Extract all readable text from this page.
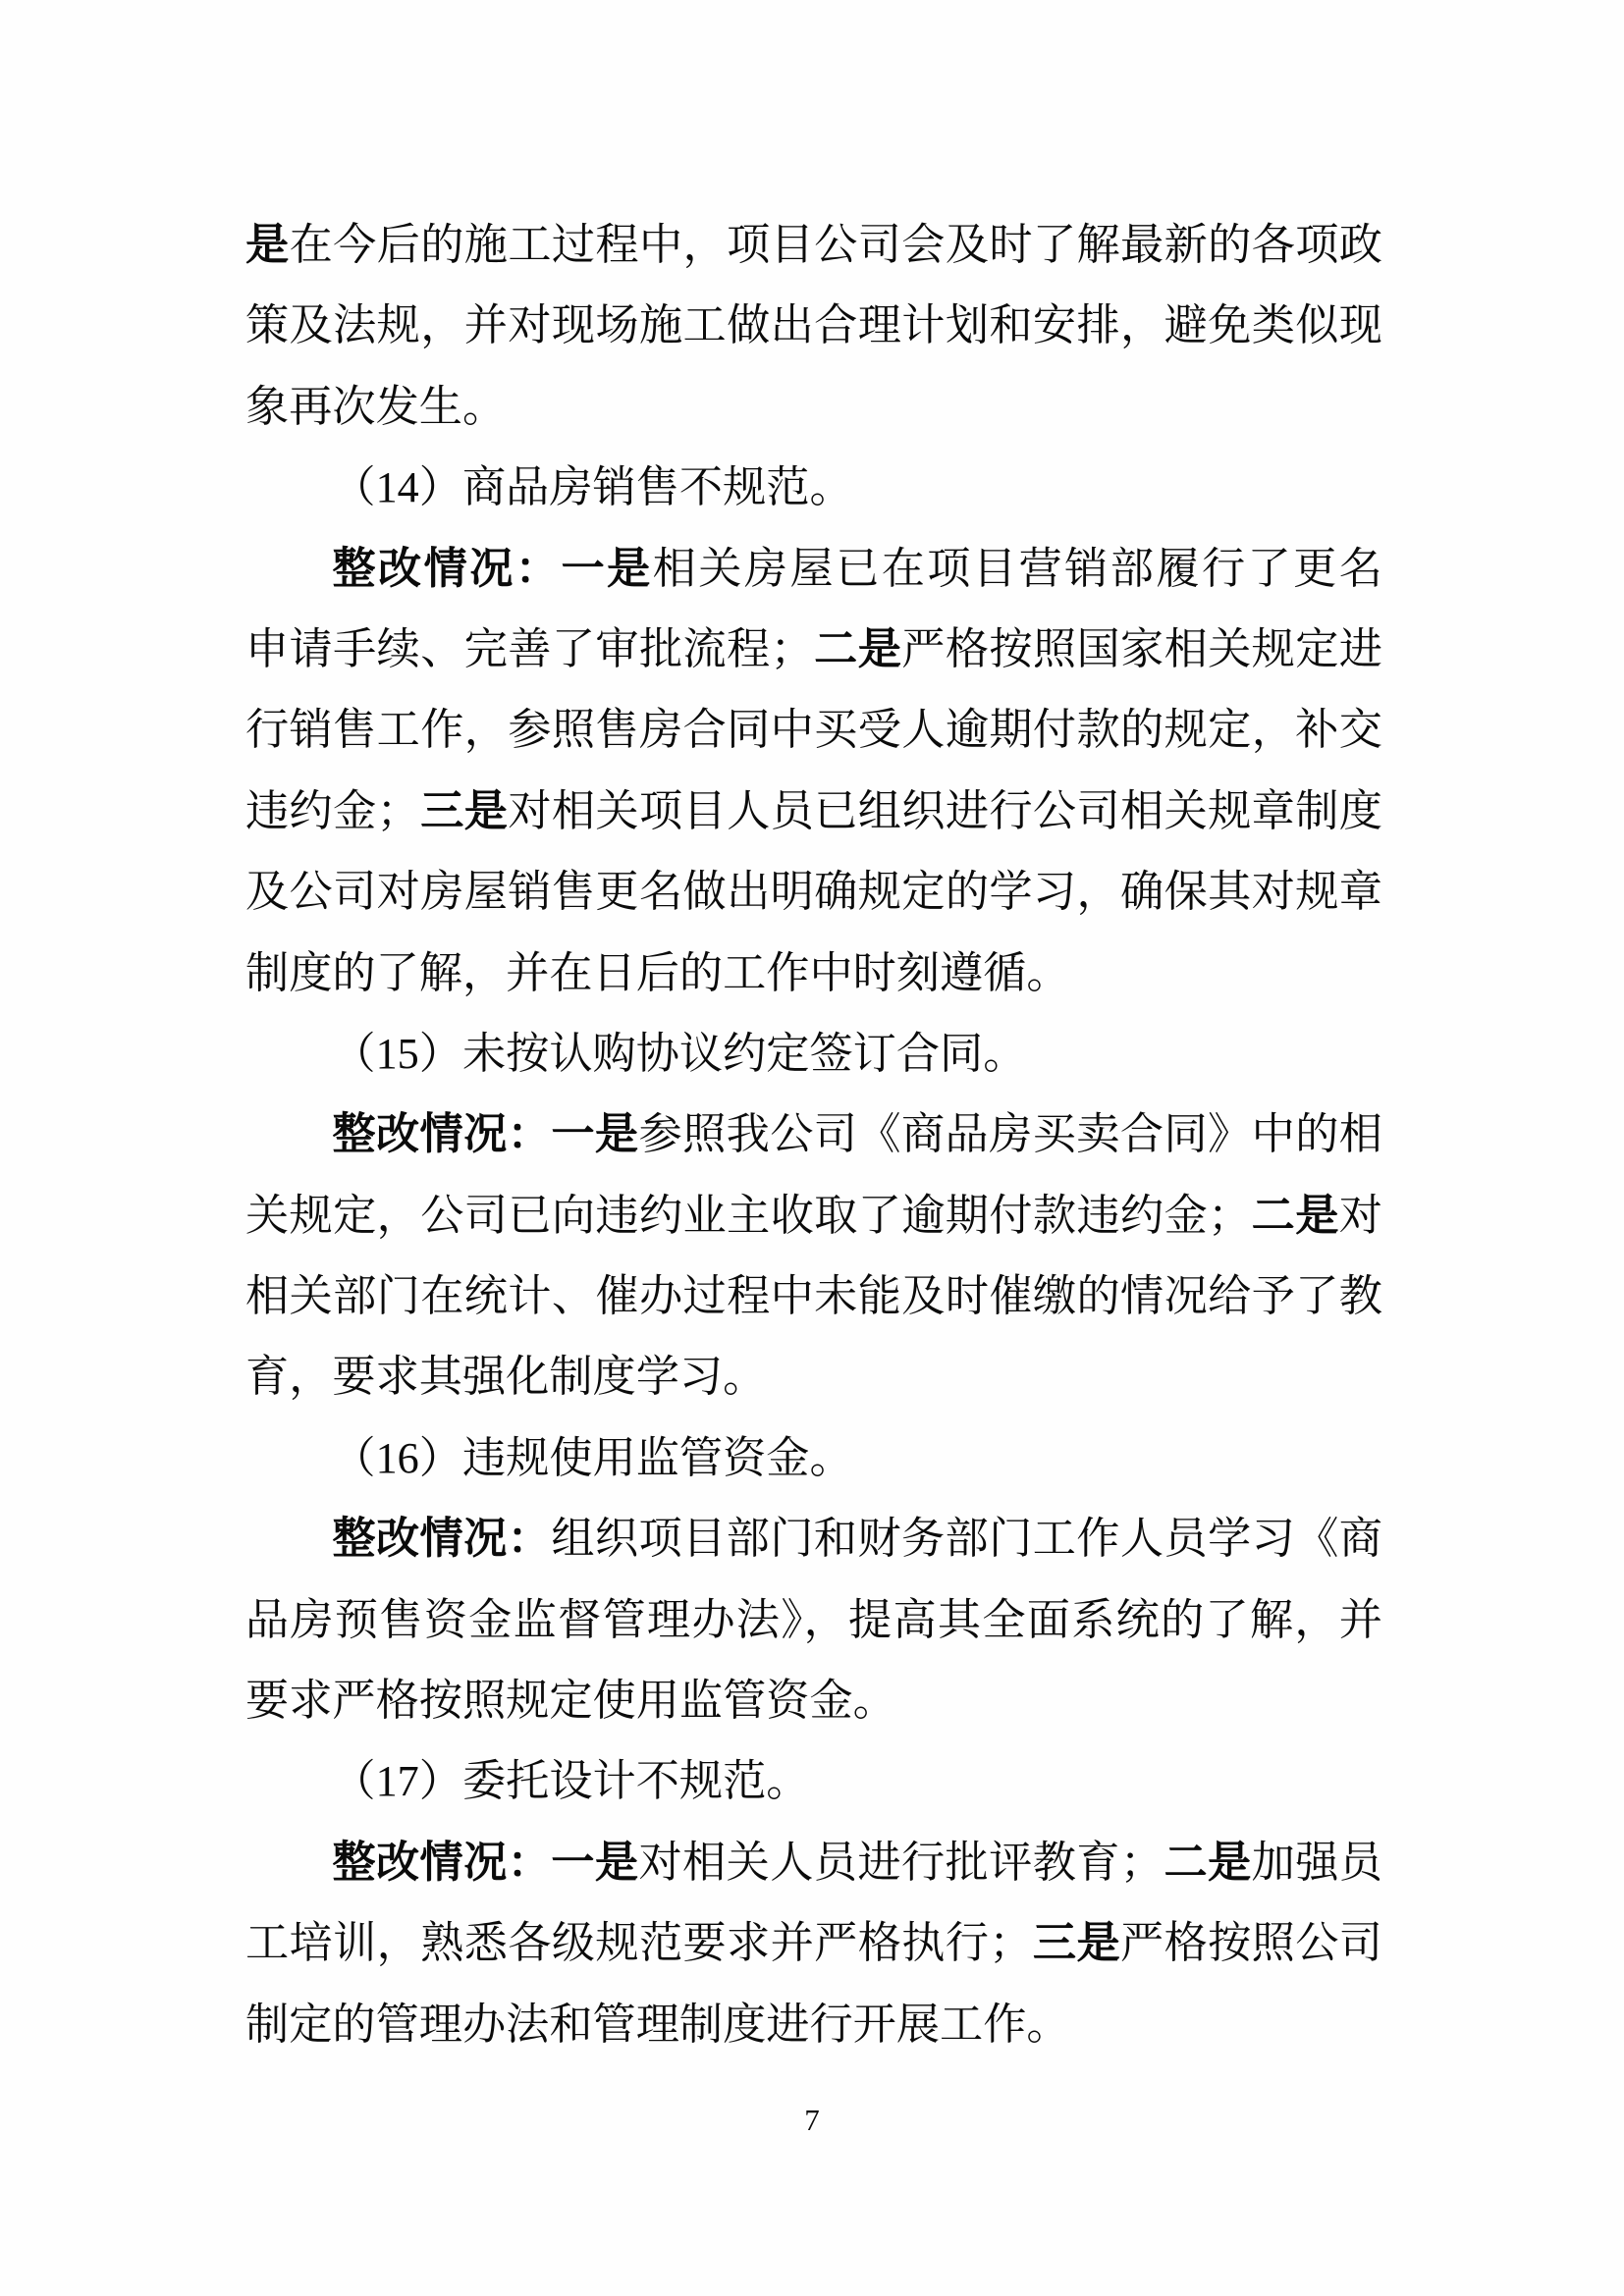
是在今后的施工过程中，项目公司会及时了解最新的各项政
策及法规，并对现场施工做出合理计划和安排，避免类似现
象再次发生。
（14）商品房销售不规范。
整改情况：一是相关房屋已在项目营销部履行了更名
申请手续、完善了审批流程；二是严格按照国家相关规定进
行销售工作，参照售房合同中买受人逾期付款的规定，补交
违约金；三是对相关项目人员已组织进行公司相关规章制度
及公司对房屋销售更名做出明确规定的学习，确保其对规章
制度的了解，并在日后的工作中时刻遵循。
（15）未按认购协议约定签订合同。
整改情况：一是参照我公司《商品房买卖合同》中的相
关规定，公司已向违约业主收取了逾期付款违约金；二是对
相关部门在统计、催办过程中未能及时催缴的情况给予了教
育，要求其强化制度学习。
（16）违规使用监管资金。
整改情况：组织项目部门和财务部门工作人员学习《商
品房预售资金监督管理办法》，提高其全面系统的了解，并
要求严格按照规定使用监管资金。
（17）委托设计不规范。
整改情况：一是对相关人员进行批评教育；二是加强员
工培训，熟悉各级规范要求并严格执行；三是严格按照公司
制定的管理办法和管理制度进行开展工作。
7
